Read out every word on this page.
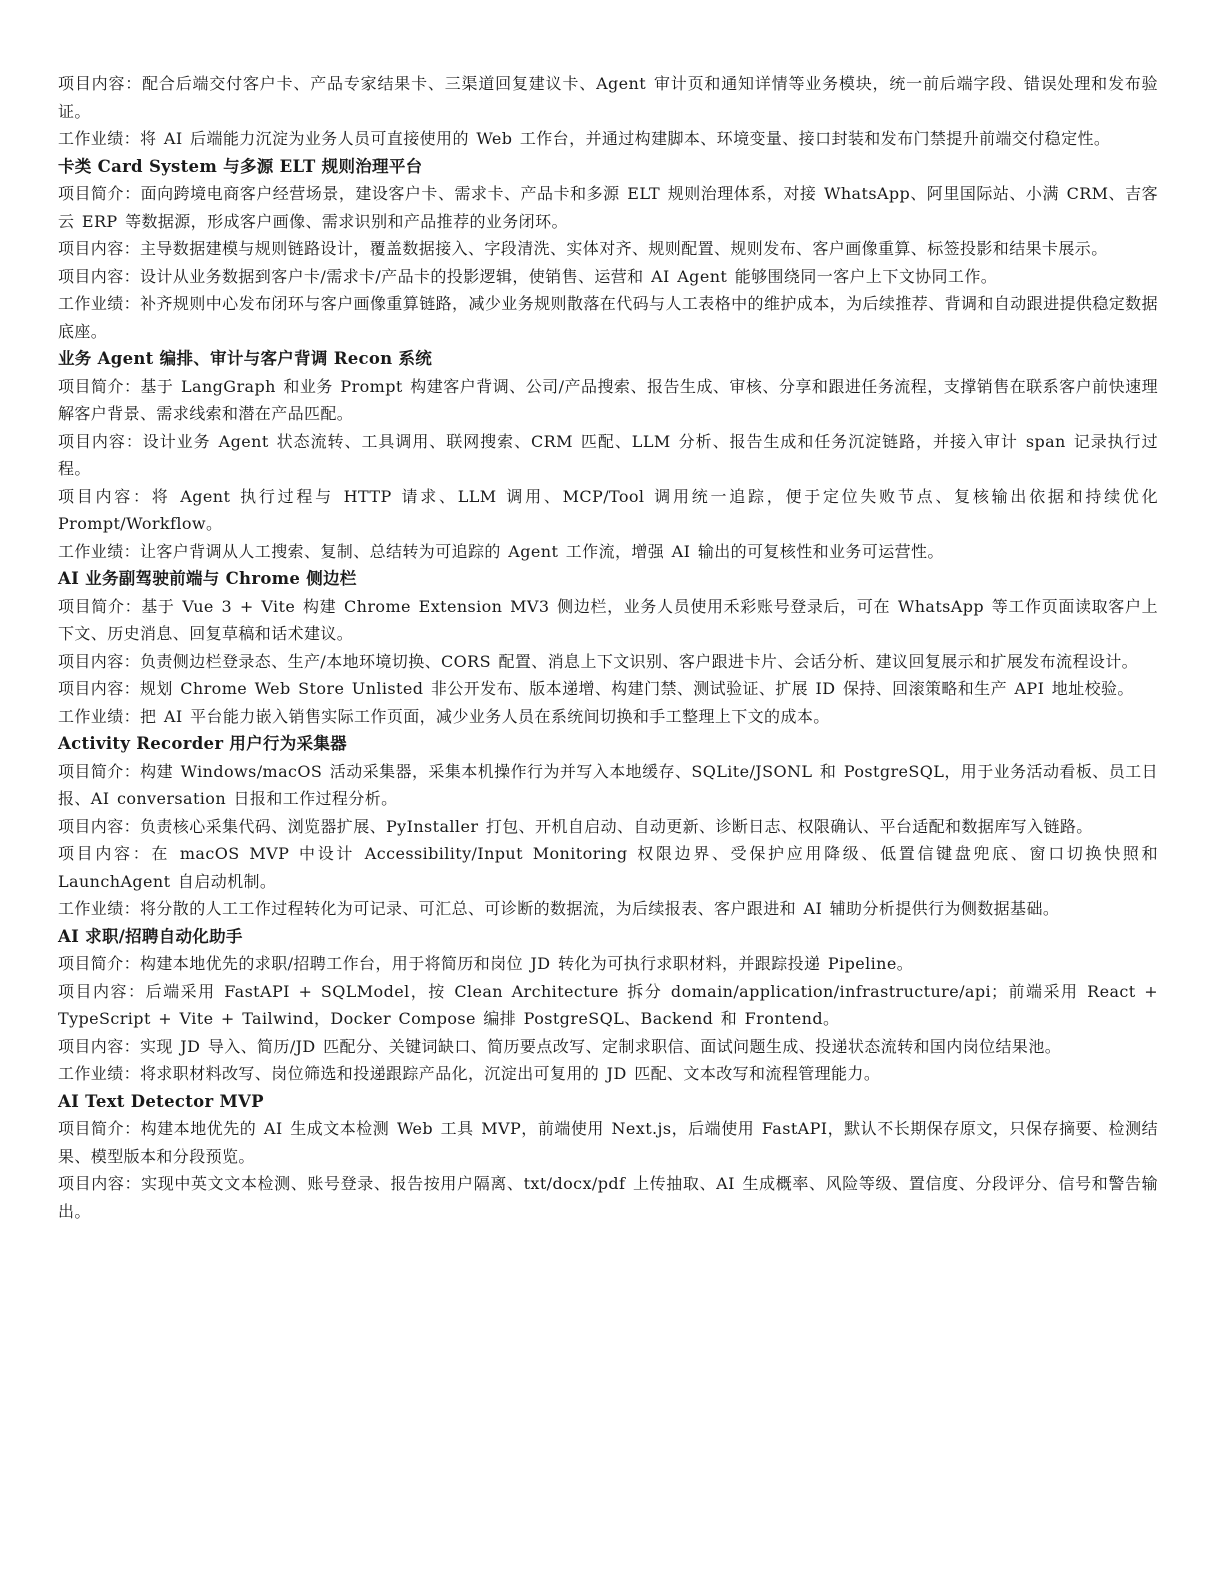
项目内容：配合后端交付客户卡、产品专家结果卡、三渠道回复建议卡、Agent 审计页和通知详情等业务模块，统一前后端字段、错误处理和发布验证。

工作业绩：将 AI 后端能力沉淀为业务人员可直接使用的 Web 工作台，并通过构建脚本、环境变量、接口封装和发布门禁提升前端交付稳定性。

卡类 Card System 与多源 ELT 规则治理平台

项目简介：面向跨境电商客户经营场景，建设客户卡、需求卡、产品卡和多源 ELT 规则治理体系，对接 WhatsApp、阿里国际站、小满 CRM、吉客云 ERP 等数据源，形成客户画像、需求识别和产品推荐的业务闭环。

项目内容：主导数据建模与规则链路设计，覆盖数据接入、字段清洗、实体对齐、规则配置、规则发布、客户画像重算、标签投影和结果卡展示。

项目内容：设计从业务数据到客户卡/需求卡/产品卡的投影逻辑，使销售、运营和 AI Agent 能够围绕同一客户上下文协同工作。

工作业绩：补齐规则中心发布闭环与客户画像重算链路，减少业务规则散落在代码与人工表格中的维护成本，为后续推荐、背调和自动跟进提供稳定数据底座。

业务 Agent 编排、审计与客户背调 Recon 系统

项目简介：基于 LangGraph 和业务 Prompt 构建客户背调、公司/产品搜索、报告生成、审核、分享和跟进任务流程，支撑销售在联系客户前快速理解客户背景、需求线索和潜在产品匹配。

项目内容：设计业务 Agent 状态流转、工具调用、联网搜索、CRM 匹配、LLM 分析、报告生成和任务沉淀链路，并接入审计 span 记录执行过程。

项目内容：将 Agent 执行过程与 HTTP 请求、LLM 调用、MCP/Tool 调用统一追踪，便于定位失败节点、复核输出依据和持续优化 Prompt/Workflow。

工作业绩：让客户背调从人工搜索、复制、总结转为可追踪的 Agent 工作流，增强 AI 输出的可复核性和业务可运营性。

AI 业务副驾驶前端与 Chrome 侧边栏

项目简介：基于 Vue 3 + Vite 构建 Chrome Extension MV3 侧边栏，业务人员使用禾彩账号登录后，可在 WhatsApp 等工作页面读取客户上下文、历史消息、回复草稿和话术建议。

项目内容：负责侧边栏登录态、生产/本地环境切换、CORS 配置、消息上下文识别、客户跟进卡片、会话分析、建议回复展示和扩展发布流程设计。

项目内容：规划 Chrome Web Store Unlisted 非公开发布、版本递增、构建门禁、测试验证、扩展 ID 保持、回滚策略和生产 API 地址校验。

工作业绩：把 AI 平台能力嵌入销售实际工作页面，减少业务人员在系统间切换和手工整理上下文的成本。

Activity Recorder 用户行为采集器

项目简介：构建 Windows/macOS 活动采集器，采集本机操作行为并写入本地缓存、SQLite/JSONL 和 PostgreSQL，用于业务活动看板、员工日报、AI conversation 日报和工作过程分析。

项目内容：负责核心采集代码、浏览器扩展、PyInstaller 打包、开机自启动、自动更新、诊断日志、权限确认、平台适配和数据库写入链路。

项目内容：在 macOS MVP 中设计 Accessibility/Input Monitoring 权限边界、受保护应用降级、低置信键盘兜底、窗口切换快照和 LaunchAgent 自启动机制。

工作业绩：将分散的人工工作过程转化为可记录、可汇总、可诊断的数据流，为后续报表、客户跟进和 AI 辅助分析提供行为侧数据基础。

AI 求职/招聘自动化助手

项目简介：构建本地优先的求职/招聘工作台，用于将简历和岗位 JD 转化为可执行求职材料，并跟踪投递 Pipeline。

项目内容：后端采用 FastAPI + SQLModel，按 Clean Architecture 拆分 domain/application/infrastructure/api；前端采用 React + TypeScript + Vite + Tailwind，Docker Compose 编排 PostgreSQL、Backend 和 Frontend。

项目内容：实现 JD 导入、简历/JD 匹配分、关键词缺口、简历要点改写、定制求职信、面试问题生成、投递状态流转和国内岗位结果池。

工作业绩：将求职材料改写、岗位筛选和投递跟踪产品化，沉淀出可复用的 JD 匹配、文本改写和流程管理能力。

AI Text Detector MVP

项目简介：构建本地优先的 AI 生成文本检测 Web 工具 MVP，前端使用 Next.js，后端使用 FastAPI，默认不长期保存原文，只保存摘要、检测结果、模型版本和分段预览。

项目内容：实现中英文文本检测、账号登录、报告按用户隔离、txt/docx/pdf 上传抽取、AI 生成概率、风险等级、置信度、分段评分、信号和警告输出。
